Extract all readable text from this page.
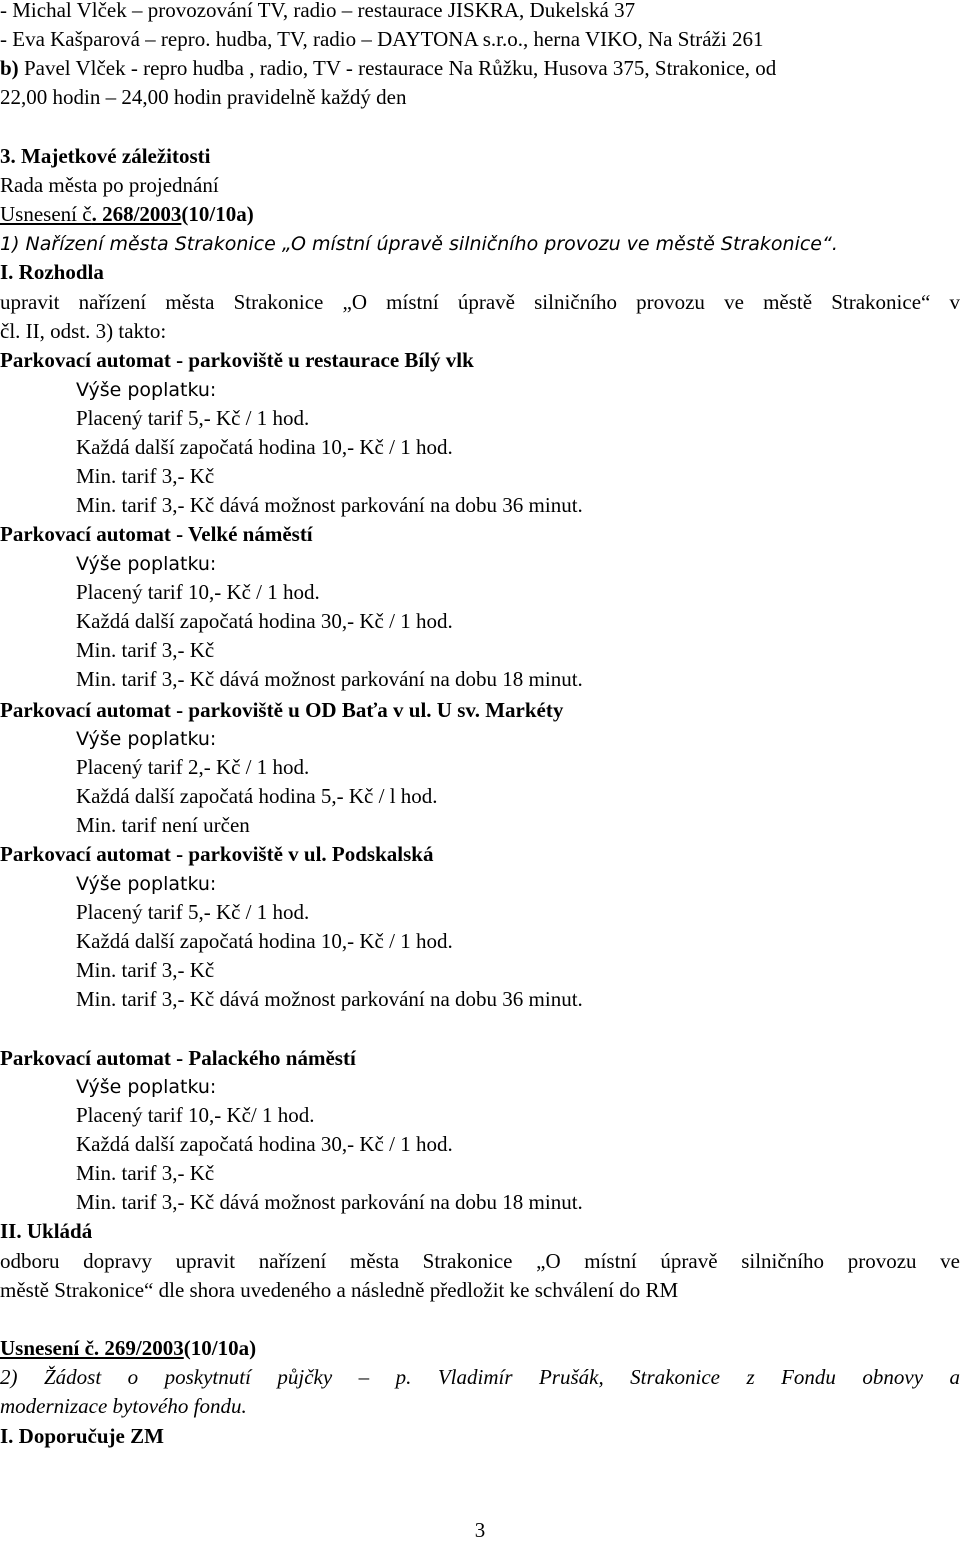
- Michal Vlček – provozování TV, radio – restaurace JISKRA, Dukelská 37
- Eva Kašparová – repro. hudba, TV, radio – DAYTONA s.r.o., herna VIKO, Na Stráži 261
b) Pavel Vlček - repro hudba , radio, TV - restaurace Na Růžku, Husova 375, Strakonice, od
22,00 hodin – 24,00 hodin pravidelně každý den
3. Majetkové záležitosti
Rada města po projednání
Usnesení č. 268/2003(10/10a)
1) Nařízení města Strakonice „O místní úpravě silničního provozu ve městě Strakonice“.
I. Rozhodla
upravit nařízení města Strakonice „O místní úpravě silničního provozu ve městě Strakonice“ v
čl. II, odst. 3) takto:
Parkovací automat - parkoviště u restaurace Bílý vlk
Výše poplatku:
Placený tarif 5,- Kč / 1 hod.
Každá další započatá hodina 10,- Kč / 1 hod.
Min. tarif 3,- Kč
Min. tarif 3,- Kč dává možnost parkování na dobu 36 minut.
Parkovací automat - Velké náměstí
Výše poplatku:
Placený tarif 10,- Kč / 1 hod.
Každá další započatá hodina 30,- Kč / 1 hod.
Min. tarif 3,- Kč
Min. tarif 3,- Kč dává možnost parkování na dobu 18 minut.
Parkovací automat - parkoviště u OD Baťa v ul. U sv. Markéty
Výše poplatku:
Placený tarif 2,- Kč / 1 hod.
Každá další započatá hodina 5,- Kč / l hod.
Min. tarif není určen
Parkovací automat - parkoviště v ul. Podskalská
Výše poplatku:
Placený tarif 5,- Kč / 1 hod.
Každá další započatá hodina 10,- Kč / 1 hod.
Min. tarif 3,- Kč
Min. tarif 3,- Kč dává možnost parkování na dobu 36 minut.
Parkovací automat - Palackého náměstí
Výše poplatku:
Placený tarif 10,- Kč/ 1 hod.
Každá další započatá hodina 30,- Kč / 1 hod.
Min. tarif 3,- Kč
Min. tarif 3,- Kč dává možnost parkování na dobu 18 minut.
II. Ukládá
odboru dopravy upravit nařízení města Strakonice „O místní úpravě silničního provozu ve
městě Strakonice“ dle shora uvedeného a následně předložit ke schválení do RM
Usnesení č. 269/2003(10/10a)
2) Žádost o poskytnutí půjčky – p. Vladimír Prušák, Strakonice z Fondu obnovy a
modernizace bytového fondu.
I. Doporučuje ZM
3
